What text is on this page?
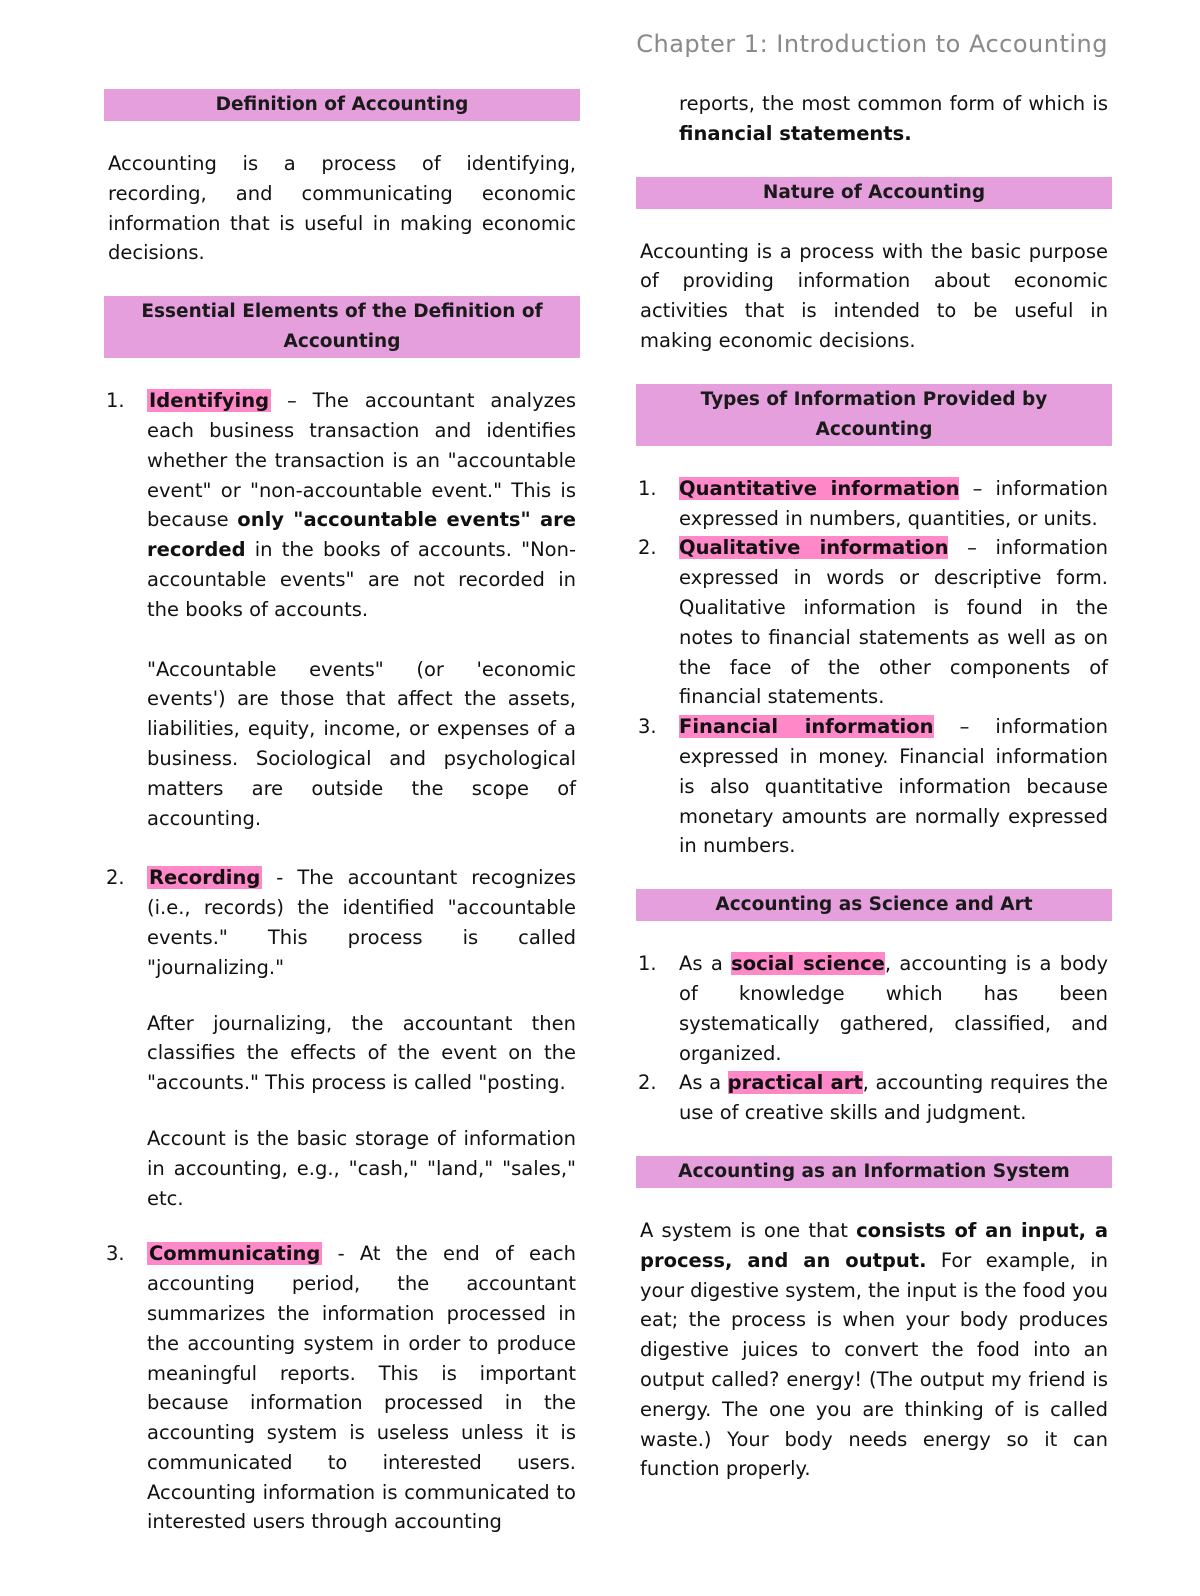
Chapter 1: Introduction to Accounting
Definition of Accounting

Accounting is a process of identifying, recording, and communicating economic information that is useful in making economic decisions.

Essential Elements of the Definition of
Accounting
1. Identifying – The accountant analyzes each business transaction and identifies whether the transaction is an "accountable event" or "non-accountable event." This is because only "accountable events" are recorded in the books of accounts. "Non-accountable events" are not recorded in the books of accounts.
"Accountable events" (or 'economic events') are those that affect the assets, liabilities, equity, income, or expenses of a business. Sociological and psychological matters are outside the scope of accounting.
2. Recording - The accountant recognizes (i.e., records) the identified "accountable events." This process is called "journalizing."
After journalizing, the accountant then classifies the effects of the event on the "accounts." This process is called "posting.
Account is the basic storage of information in accounting, e.g., "cash," "land," "sales," etc.
3. Communicating - At the end of each accounting period, the accountant summarizes the information processed in the accounting system in order to produce meaningful reports. This is important because information processed in the accounting system is useless unless it is communicated to interested users. Accounting information is communicated to interested users through accounting
reports, the most common form of which is financial statements.
Nature of Accounting

Accounting is a process with the basic purpose of providing information about economic activities that is intended to be useful in making economic decisions.

Types of Information Provided by Accounting
1. Quantitative information – information expressed in numbers, quantities, or units.
2. Qualitative information – information expressed in words or descriptive form. Qualitative information is found in the notes to financial statements as well as on the face of the other components of financial statements.
3. Financial information – information expressed in money. Financial information is also quantitative information because monetary amounts are normally expressed in numbers.
Accounting as Science and Art
1. As a social science, accounting is a body of knowledge which has been systematically gathered, classified, and organized.
2. As a practical art, accounting requires the use of creative skills and judgment.
Accounting as an Information System

A system is one that consists of an input, a process, and an output. For example, in your digestive system, the input is the food you eat; the process is when your body produces digestive juices to convert the food into an output called? energy! (The output my friend is energy. The one you are thinking of is called waste.) Your body needs energy so it can function properly.
